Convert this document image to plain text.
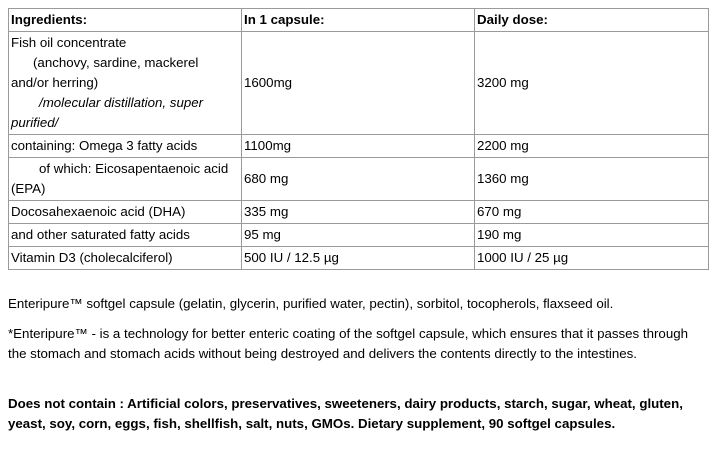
Ingredients:	In 1 capsule:	Daily dose:

Fish oil concentrate
(anchovy, sardine, mackerel
and/or herring)
/molecular distillation, super
purified/	1600mg	3200 mg
containing: Omega 3 fatty acids	1100mg	2200 mg

of which: Eicosapentaenoic acid
(EPA)	680 mg	1360 mg
Docosahexaenoic acid (DHA)	335 mg	670 mg
and other saturated fatty acids	95 mg	190 mg
Vitamin D3 (cholecalciferol)	500 IU / 12.5 µg	1000 IU / 25 µg

Enteripure™ softgel capsule (gelatin, glycerin, purified water, pectin), sorbitol, tocopherols, flaxseed oil.

*Enteripure™ - is a technology for better enteric coating of the softgel capsule, which ensures that it passes through the stomach and stomach acids without being destroyed and delivers the contents directly to the intestines.

Does not contain : Artificial colors, preservatives, sweeteners, dairy products, starch, sugar, wheat, gluten, yeast, soy, corn, eggs, fish, shellfish, salt, nuts, GMOs. Dietary supplement, 90 softgel capsules.
